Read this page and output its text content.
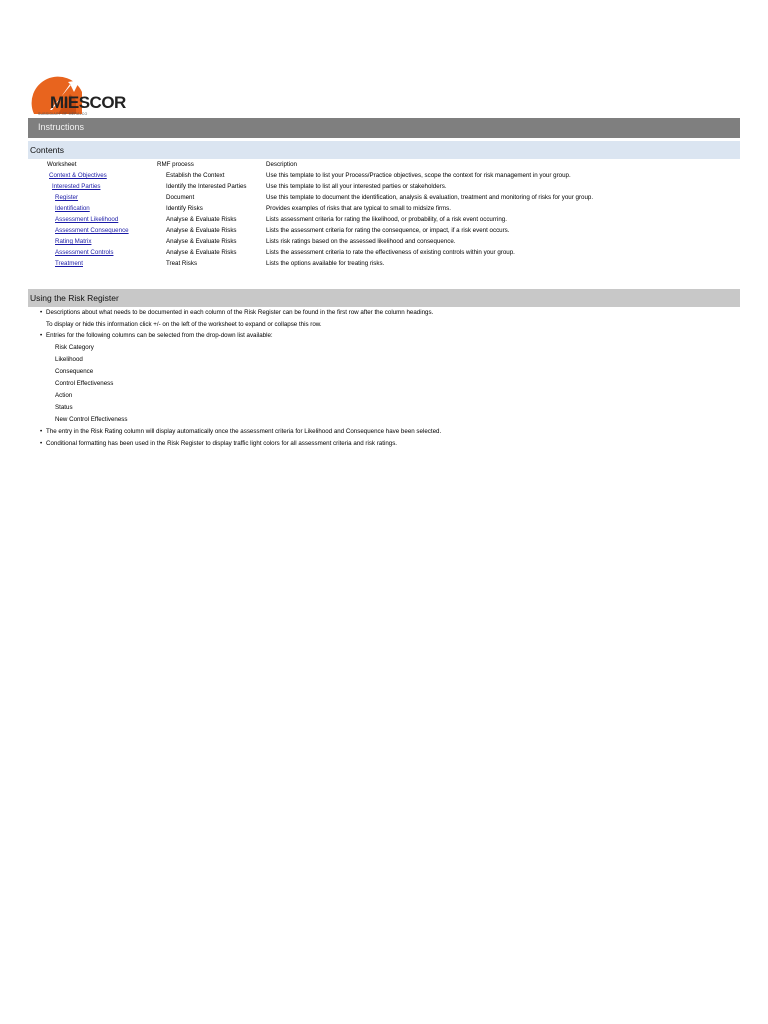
MIESCOR
SUBSIDIARY OF MERALCO
Instructions
Contents
Worksheet	RMF process	Description
Context & Objectives	Establish the Context	Use this template to list your Process/Practice objectives, scope the context for risk management in your group.
Interested Parties	Identify the Interested Parties	Use this template to list all your interested parties or stakeholders.
Register	Document	Use this template to document the identification, analysis & evaluation, treatment and monitoring of risks for your group.
Identification	Identify Risks	Provides examples of risks that are typical to small to midsize firms.
Assessment Likelihood	Analyse & Evaluate Risks	Lists assessment criteria for rating the likelihood, or probability, of a risk event occurring.
Assessment Consequence	Analyse & Evaluate Risks	Lists the assessment criteria for rating the consequence, or impact, if a risk event occurs.
Rating Matrix	Analyse & Evaluate Risks	Lists risk ratings based on the assessed likelihood and consequence.
Assessment Controls	Analyse & Evaluate Risks	Lists the assessment criteria to rate the effectiveness of existing controls within your group.
Treatment	Treat Risks	Lists the options available for treating risks.
Using the Risk Register
• Descriptions about what needs to be documented in each column of the Risk Register can be found in the first row after the column headings.
To display or hide this information click +/- on the left of the worksheet to expand or collapse this row.
• Entries for the following columns can be selected from the drop-down list available:
Risk Category
Likelihood
Consequence
Control Effectiveness
Action
Status
New Control Effectiveness
• The entry in the Risk Rating column will display automatically once the assessment criteria for Likelihood and Consequence have been selected.
• Conditional formatting has been used in the Risk Register to display traffic light colors for all assessment criteria and risk ratings.
